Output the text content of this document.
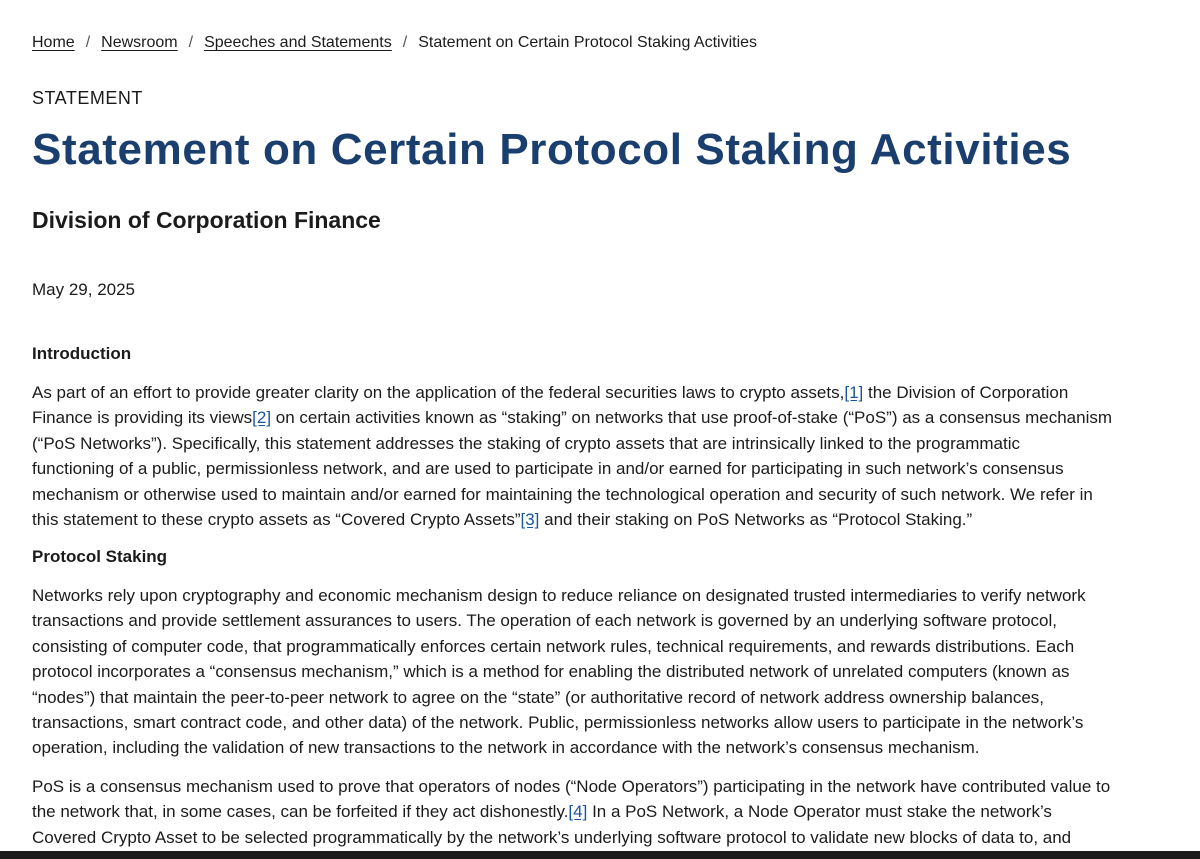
Home / Newsroom / Speeches and Statements / Statement on Certain Protocol Staking Activities
STATEMENT
Statement on Certain Protocol Staking Activities
Division of Corporation Finance
May 29, 2025
Introduction

As part of an effort to provide greater clarity on the application of the federal securities laws to crypto assets,[1] the Division of Corporation
Finance is providing its views[2] on certain activities known as “staking” on networks that use proof-of-stake (“PoS”) as a consensus mechanism
(“PoS Networks”). Specifically, this statement addresses the staking of crypto assets that are intrinsically linked to the programmatic
functioning of a public, permissionless network, and are used to participate in and/or earned for participating in such network’s consensus
mechanism or otherwise used to maintain and/or earned for maintaining the technological operation and security of such network. We refer in
this statement to these crypto assets as “Covered Crypto Assets”[3] and their staking on PoS Networks as “Protocol Staking.”

Protocol Staking

Networks rely upon cryptography and economic mechanism design to reduce reliance on designated trusted intermediaries to verify network
transactions and provide settlement assurances to users. The operation of each network is governed by an underlying software protocol,
consisting of computer code, that programmatically enforces certain network rules, technical requirements, and rewards distributions. Each
protocol incorporates a “consensus mechanism,” which is a method for enabling the distributed network of unrelated computers (known as
“nodes”) that maintain the peer-to-peer network to agree on the “state” (or authoritative record of network address ownership balances,
transactions, smart contract code, and other data) of the network. Public, permissionless networks allow users to participate in the network’s
operation, including the validation of new transactions to the network in accordance with the network’s consensus mechanism.

PoS is a consensus mechanism used to prove that operators of nodes (“Node Operators”) participating in the network have contributed value to
the network that, in some cases, can be forfeited if they act dishonestly.[4] In a PoS Network, a Node Operator must stake the network’s
Covered Crypto Asset to be selected programmatically by the network’s underlying software protocol to validate new blocks of data to, and
